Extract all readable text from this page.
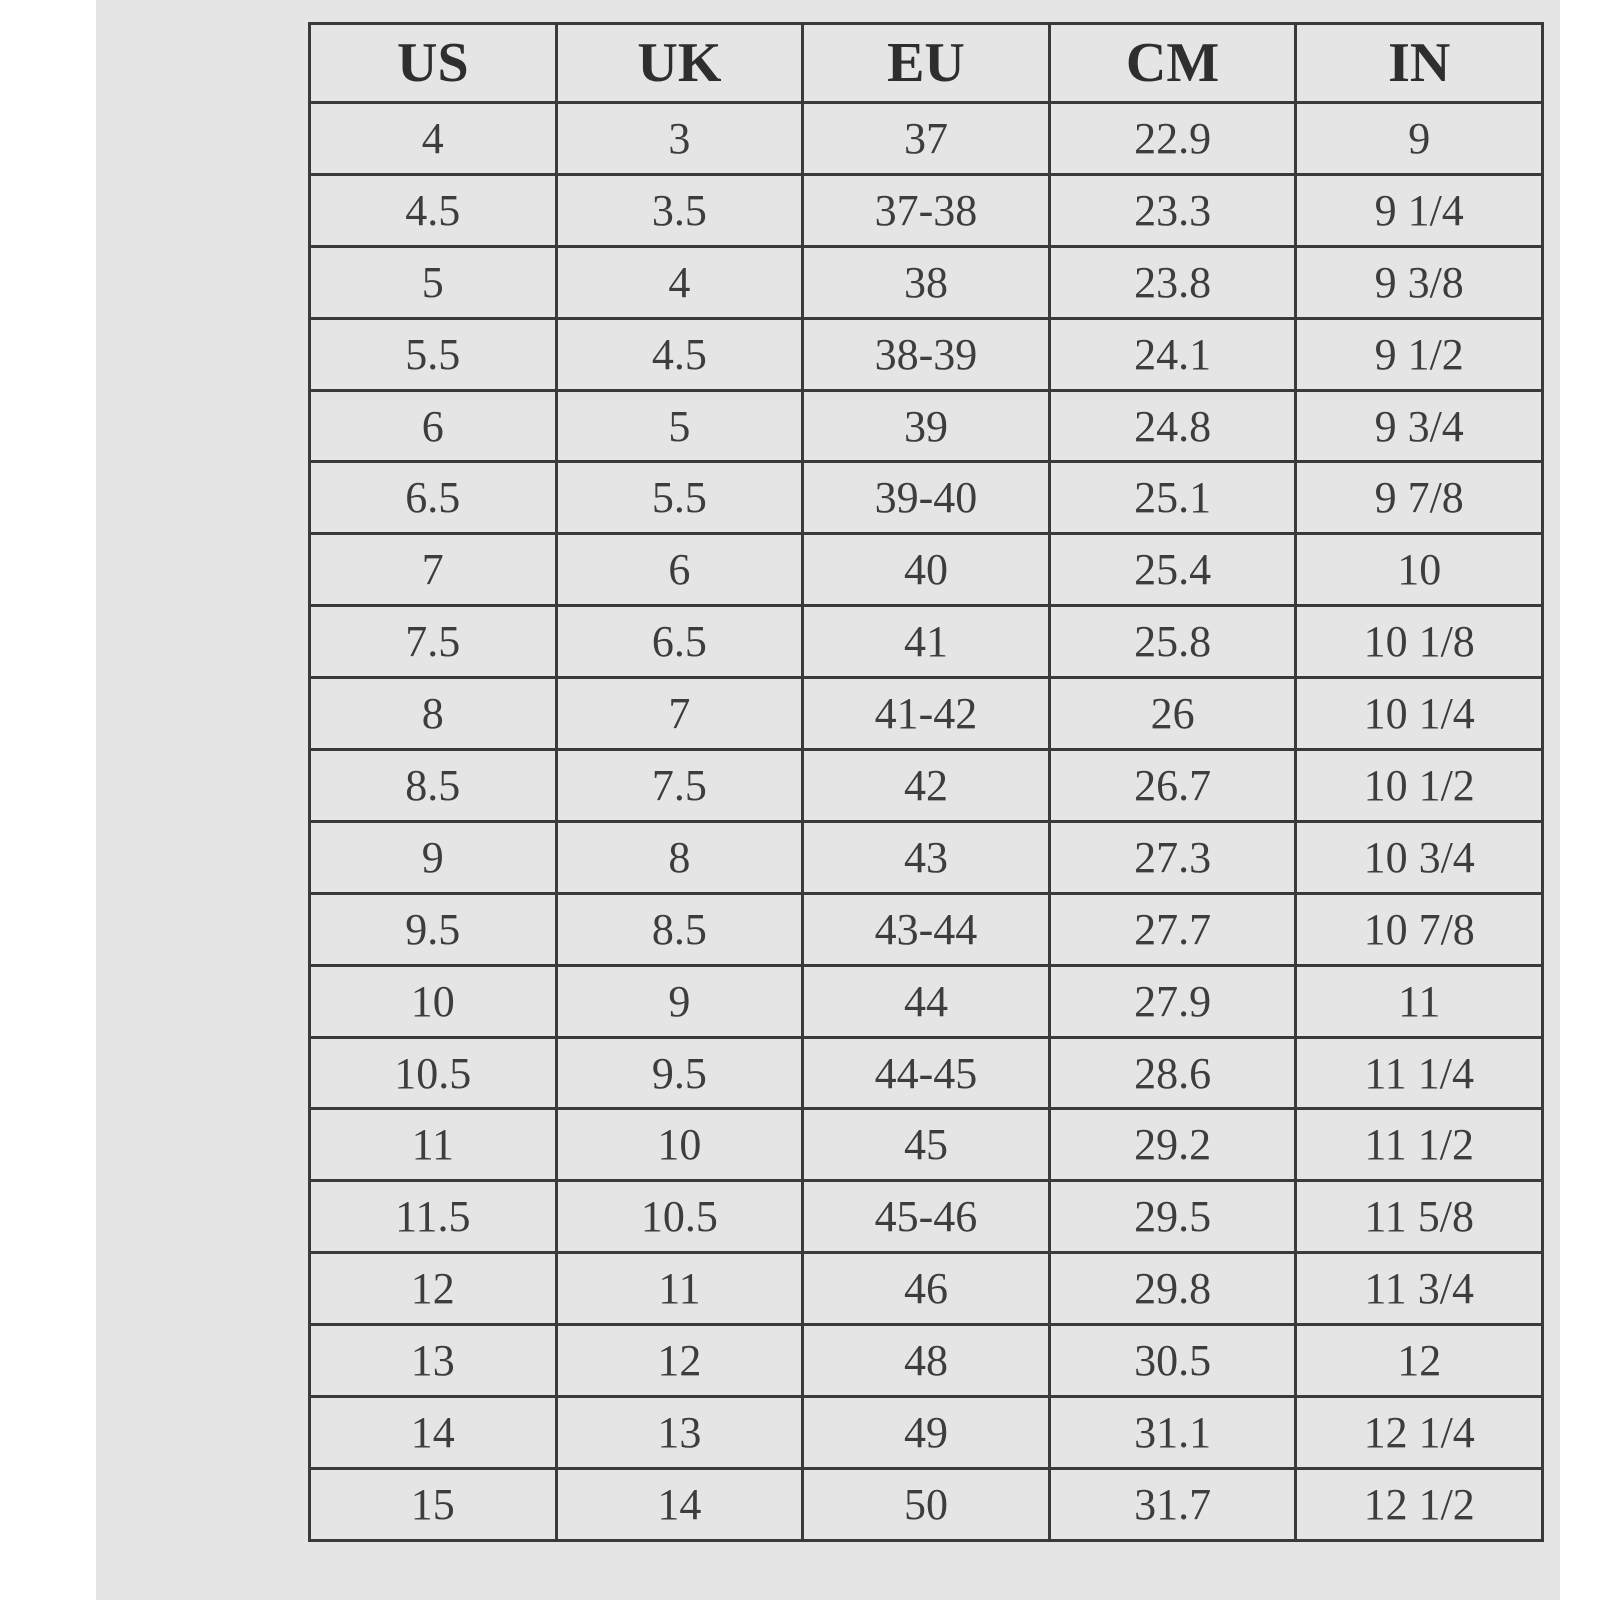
US	UK	EU	CM	IN
4	3	37	22.9	9
4.5	3.5	37-38	23.3	9 1/4
5	4	38	23.8	9 3/8
5.5	4.5	38-39	24.1	9 1/2
6	5	39	24.8	9 3/4
6.5	5.5	39-40	25.1	9 7/8
7	6	40	25.4	10
7.5	6.5	41	25.8	10 1/8
8	7	41-42	26	10 1/4
8.5	7.5	42	26.7	10 1/2
9	8	43	27.3	10 3/4
9.5	8.5	43-44	27.7	10 7/8
10	9	44	27.9	11
10.5	9.5	44-45	28.6	11 1/4
11	10	45	29.2	11 1/2
11.5	10.5	45-46	29.5	11 5/8
12	11	46	29.8	11 3/4
13	12	48	30.5	12
14	13	49	31.1	12 1/4
15	14	50	31.7	12 1/2
